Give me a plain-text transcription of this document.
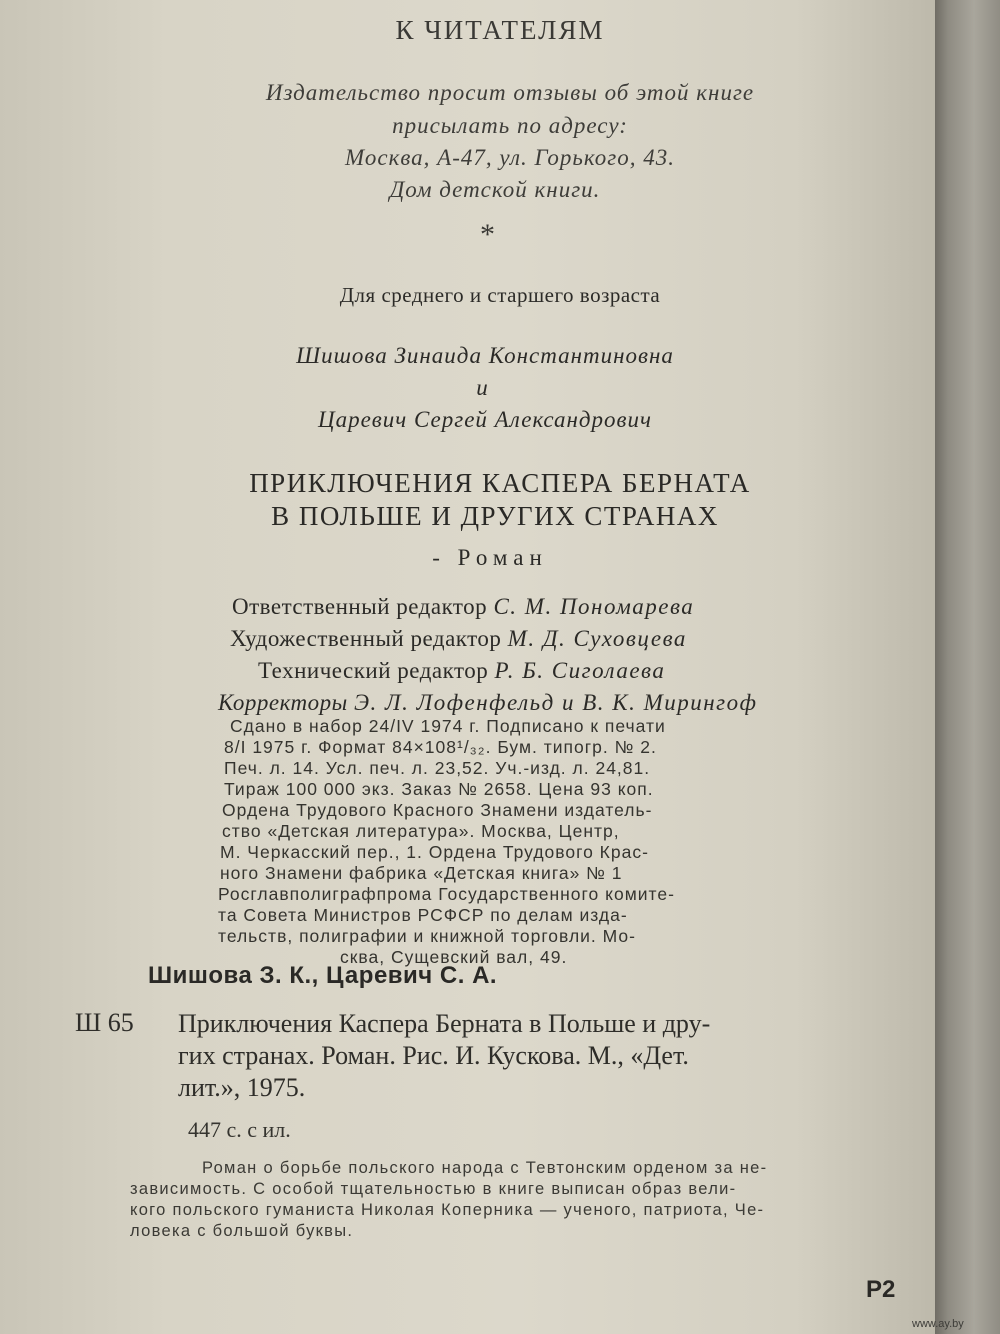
К ЧИТАТЕЛЯМ
Издательство просит отзывы об этой книге
присылать по адресу:
Москва, А-47, ул. Горького, 43.
Дом детской книги.
*
Для среднего и старшего возраста
Шишова Зинаида Константиновна
и
Царевич Сергей Александрович
ПРИКЛЮЧЕНИЯ КАСПЕРА БЕРНАТА
В ПОЛЬШЕ И ДРУГИХ СТРАНАХ
- Роман
Ответственный редактор С. М. Пономарева
Художественный редактор М. Д. Суховцева
Технический редактор Р. Б. Сиголаева
Корректоры Э. Л. Лофенфельд и В. К. Мирингоф
Сдано в набор 24/IV 1974 г. Подписано к печати
8/I 1975 г. Формат 84×108¹/₃₂. Бум. типогр. № 2.
Печ. л. 14. Усл. печ. л. 23,52. Уч.-изд. л. 24,81.
Тираж 100 000 экз. Заказ № 2658. Цена 93 коп.
Ордена Трудового Красного Знамени издатель-
ство «Детская литература». Москва, Центр,
М. Черкасский пер., 1. Ордена Трудового Крас-
ного Знамени фабрика «Детская книга» № 1
Росглавполиграфпрома Государственного комите-
та Совета Министров РСФСР по делам изда-
тельств, полиграфии и книжной торговли. Мо-
сква, Сущевский вал, 49.
Шишова З. К., Царевич С. А.
Ш 65 Приключения Каспера Берната в Польше и дру-
гих странах. Роман. Рис. И. Кускова. М., «Дет.
лит.», 1975.
447 с. с ил.
Роман о борьбе польского народа с Тевтонским орденом за не-
зависимость. С особой тщательностью в книге выписан образ вели-
кого польского гуманиста Николая Коперника — ученого, патриота, Че-
ловека с большой буквы.
Р2
www.ay.by
